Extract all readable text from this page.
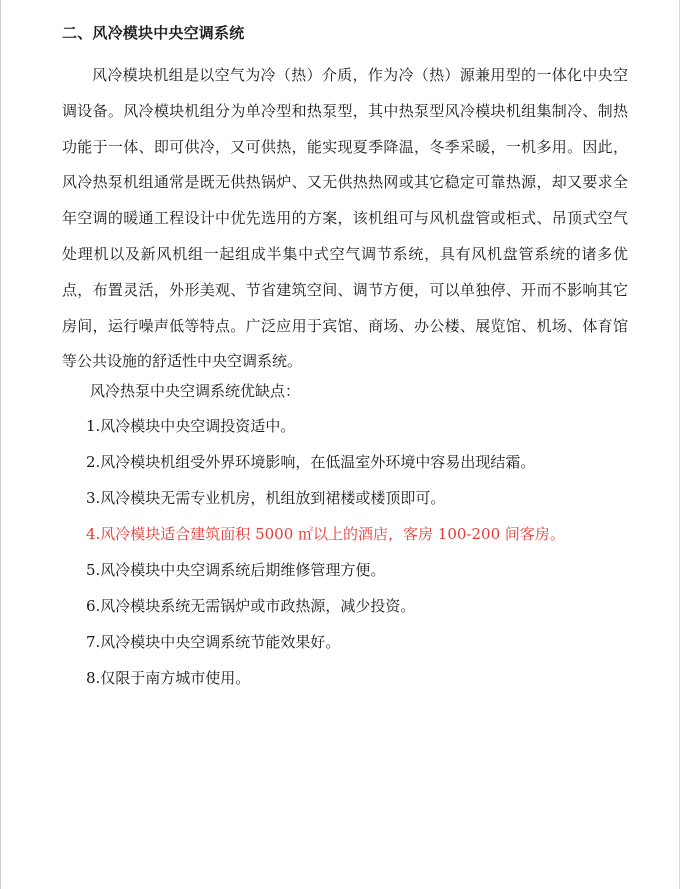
二、风冷模块中央空调系统

风冷模块机组是以空气为冷（热）介质，作为冷（热）源兼用型的一体化中央空调设备。风冷模块机组分为单冷型和热泵型，其中热泵型风冷模块机组集制冷、制热功能于一体、即可供冷，又可供热，能实现夏季降温，冬季采暖，一机多用。因此，风冷热泵机组通常是既无供热锅炉、又无供热热网或其它稳定可靠热源，却又要求全年空调的暖通工程设计中优先选用的方案，该机组可与风机盘管或柜式、吊顶式空气处理机以及新风机组一起组成半集中式空气调节系统，具有风机盘管系统的诸多优点，布置灵活，外形美观、节省建筑空间、调节方便，可以单独停、开而不影响其它房间，运行噪声低等特点。广泛应用于宾馆、商场、办公楼、展览馆、机场、体育馆等公共设施的舒适性中央空调系统。

风冷热泵中央空调系统优缺点：
1.风冷模块中央空调投资适中。
2.风冷模块机组受外界环境影响，在低温室外环境中容易出现结霜。
3.风冷模块无需专业机房，机组放到裙楼或楼顶即可。
4.风冷模块适合建筑面积 5000 ㎡以上的酒店，客房 100-200 间客房。
5.风冷模块中央空调系统后期维修管理方便。
6.风冷模块系统无需锅炉或市政热源，减少投资。
7.风冷模块中央空调系统节能效果好。
8.仅限于南方城市使用。
